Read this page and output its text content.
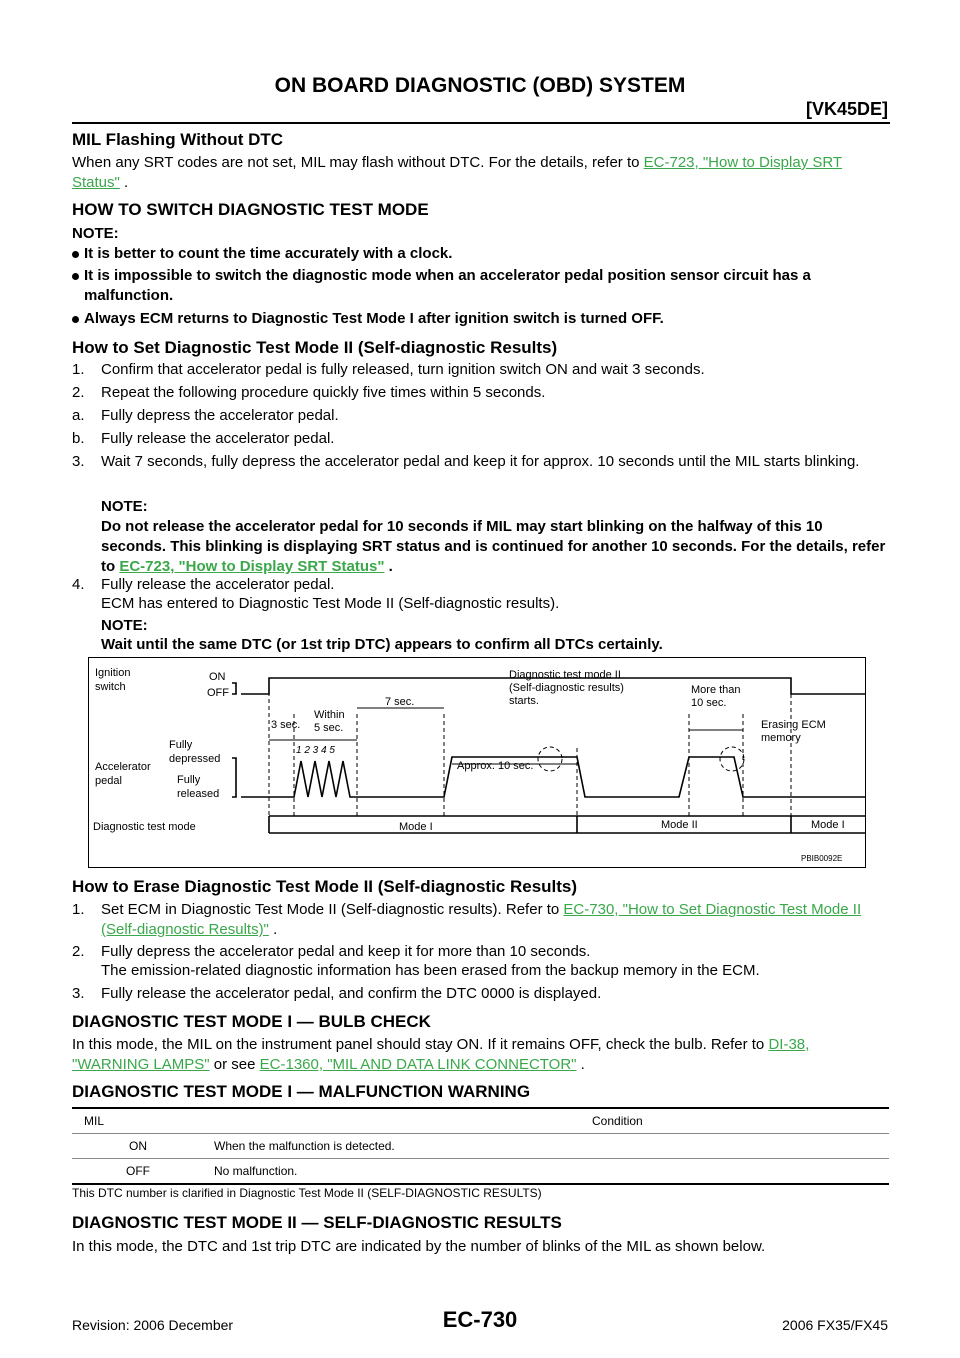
ON BOARD DIAGNOSTIC (OBD) SYSTEM
[VK45DE]
MIL Flashing Without DTC
When any SRT codes are not set, MIL may flash without DTC. For the details, refer to EC-723, "How to Display SRT Status" .
HOW TO SWITCH DIAGNOSTIC TEST MODE
NOTE:
It is better to count the time accurately with a clock.
It is impossible to switch the diagnostic mode when an accelerator pedal position sensor circuit has a malfunction.
Always ECM returns to Diagnostic Test Mode I after ignition switch is turned OFF.
How to Set Diagnostic Test Mode II (Self-diagnostic Results)
1. Confirm that accelerator pedal is fully released, turn ignition switch ON and wait 3 seconds.
2. Repeat the following procedure quickly five times within 5 seconds.
a. Fully depress the accelerator pedal.
b. Fully release the accelerator pedal.
3. Wait 7 seconds, fully depress the accelerator pedal and keep it for approx. 10 seconds until the MIL starts blinking.
NOTE:
Do not release the accelerator pedal for 10 seconds if MIL may start blinking on the halfway of this 10 seconds. This blinking is displaying SRT status and is continued for another 10 seconds. For the details, refer to EC-723, "How to Display SRT Status" .
4. Fully release the accelerator pedal.
ECM has entered to Diagnostic Test Mode II (Self-diagnostic results).
NOTE:
Wait until the same DTC (or 1st trip DTC) appears to confirm all DTCs certainly.
Ignition
switch
ON
OFF
Fully
depressed
Accelerator
pedal	Fully
released
Diagnostic test mode
3 sec.
Within
5 sec.
7 sec.
1 2 3 4 5
Approx. 10 sec.
Diagnostic test mode II
(Self-diagnostic results)
starts.
More than
10 sec.
Erasing ECM
memory
Mode I	Mode II	Mode I
PBIB0092E
How to Erase Diagnostic Test Mode II (Self-diagnostic Results)
1. Set ECM in Diagnostic Test Mode II (Self-diagnostic results). Refer to EC-730, "How to Set Diagnostic Test Mode II (Self-diagnostic Results)" .
2. Fully depress the accelerator pedal and keep it for more than 10 seconds.
The emission-related diagnostic information has been erased from the backup memory in the ECM.
3. Fully release the accelerator pedal, and confirm the DTC 0000 is displayed.
DIAGNOSTIC TEST MODE I — BULB CHECK
In this mode, the MIL on the instrument panel should stay ON. If it remains OFF, check the bulb. Refer to DI-38, "WARNING LAMPS" or see EC-1360, "MIL AND DATA LINK CONNECTOR" .
DIAGNOSTIC TEST MODE I — MALFUNCTION WARNING
MIL	Condition
ON	When the malfunction is detected.
OFF	No malfunction.
This DTC number is clarified in Diagnostic Test Mode II (SELF-DIAGNOSTIC RESULTS)
DIAGNOSTIC TEST MODE II — SELF-DIAGNOSTIC RESULTS
In this mode, the DTC and 1st trip DTC are indicated by the number of blinks of the MIL as shown below.
Revision: 2006 December	EC-730	2006 FX35/FX45
